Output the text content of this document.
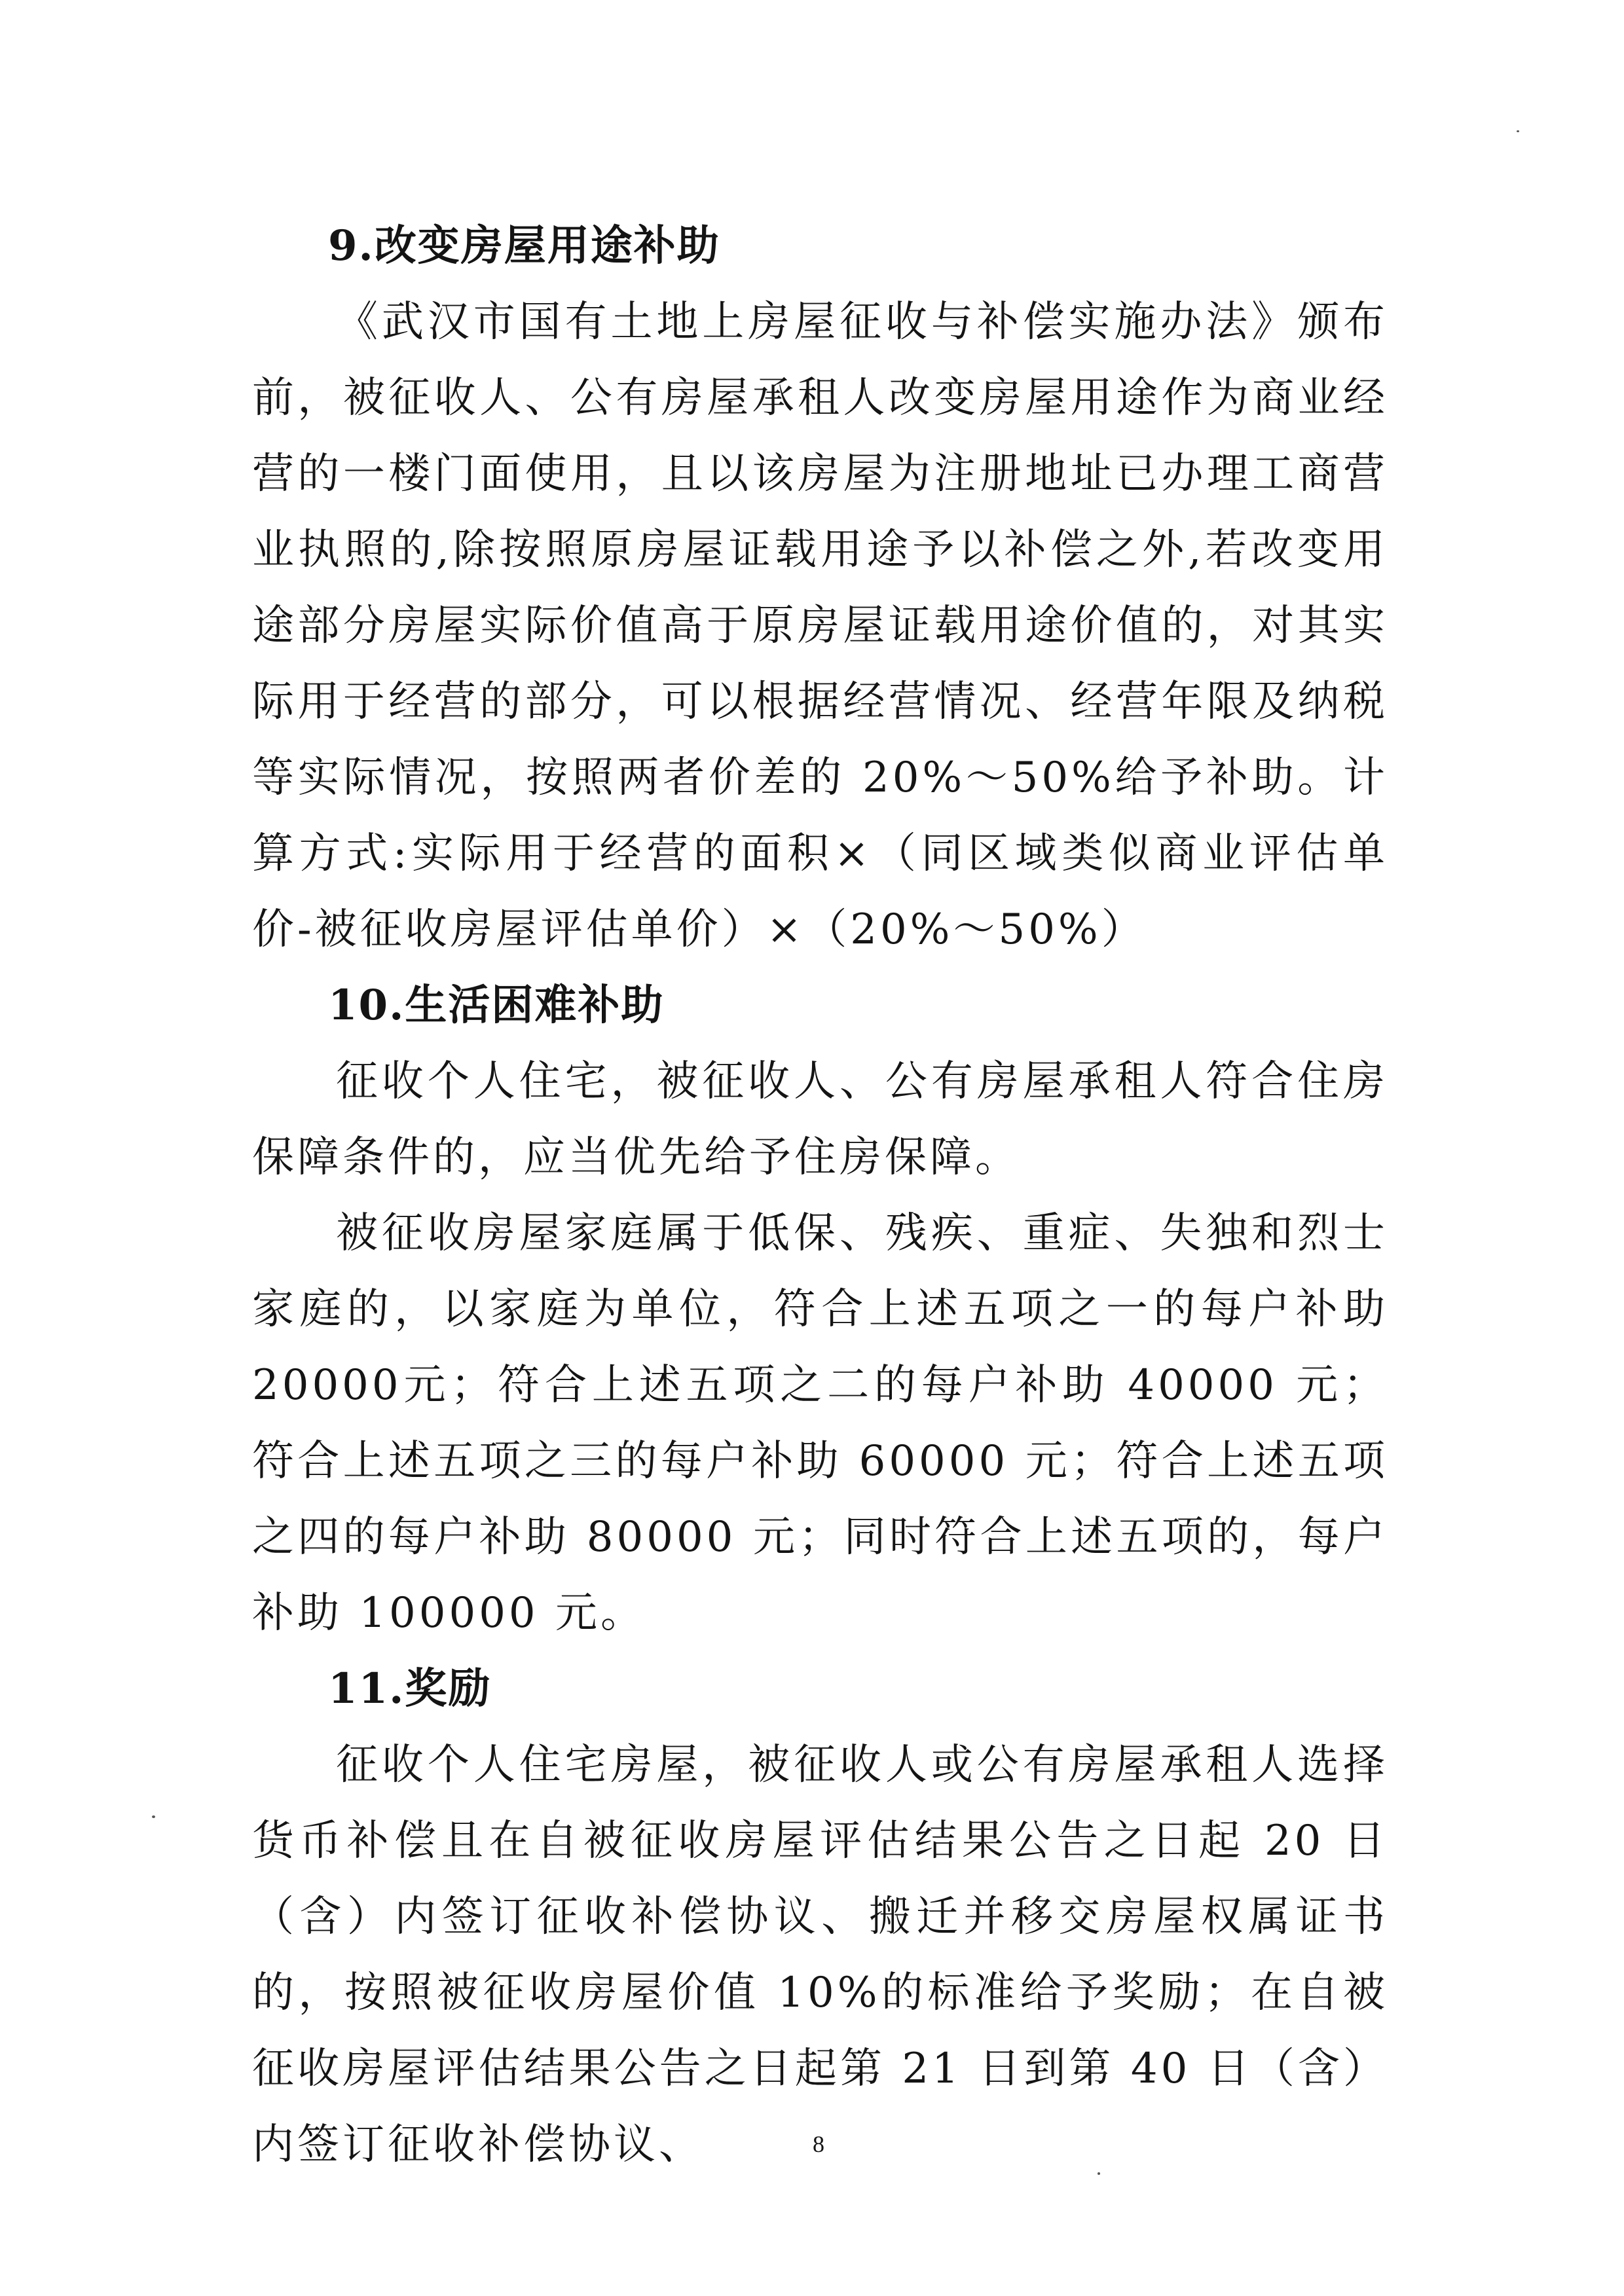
9.改变房屋用途补助

《武汉市国有土地上房屋征收与补偿实施办法》颁布前，被征收人、公有房屋承租人改变房屋用途作为商业经营的一楼门面使用，且以该房屋为注册地址已办理工商营业执照的,除按照原房屋证载用途予以补偿之外,若改变用途部分房屋实际价值高于原房屋证载用途价值的，对其实际用于经营的部分，可以根据经营情况、经营年限及纳税等实际情况，按照两者价差的 20%～50%给予补助。计算方式:实际用于经营的面积×（同区域类似商业评估单价-被征收房屋评估单价）×（20%～50%）

10.生活困难补助

征收个人住宅，被征收人、公有房屋承租人符合住房保障条件的，应当优先给予住房保障。

被征收房屋家庭属于低保、残疾、重症、失独和烈士家庭的，以家庭为单位，符合上述五项之一的每户补助 20000元；符合上述五项之二的每户补助 40000 元；符合上述五项之三的每户补助 60000 元；符合上述五项之四的每户补助 80000 元；同时符合上述五项的，每户补助 100000 元。

11.奖励

征收个人住宅房屋，被征收人或公有房屋承租人选择货币补偿且在自被征收房屋评估结果公告之日起 20 日（含）内签订征收补偿协议、搬迁并移交房屋权属证书的，按照被征收房屋价值 10%的标准给予奖励；在自被征收房屋评估结果公告之日起第 21 日到第 40 日（含）内签订征收补偿协议、	8
